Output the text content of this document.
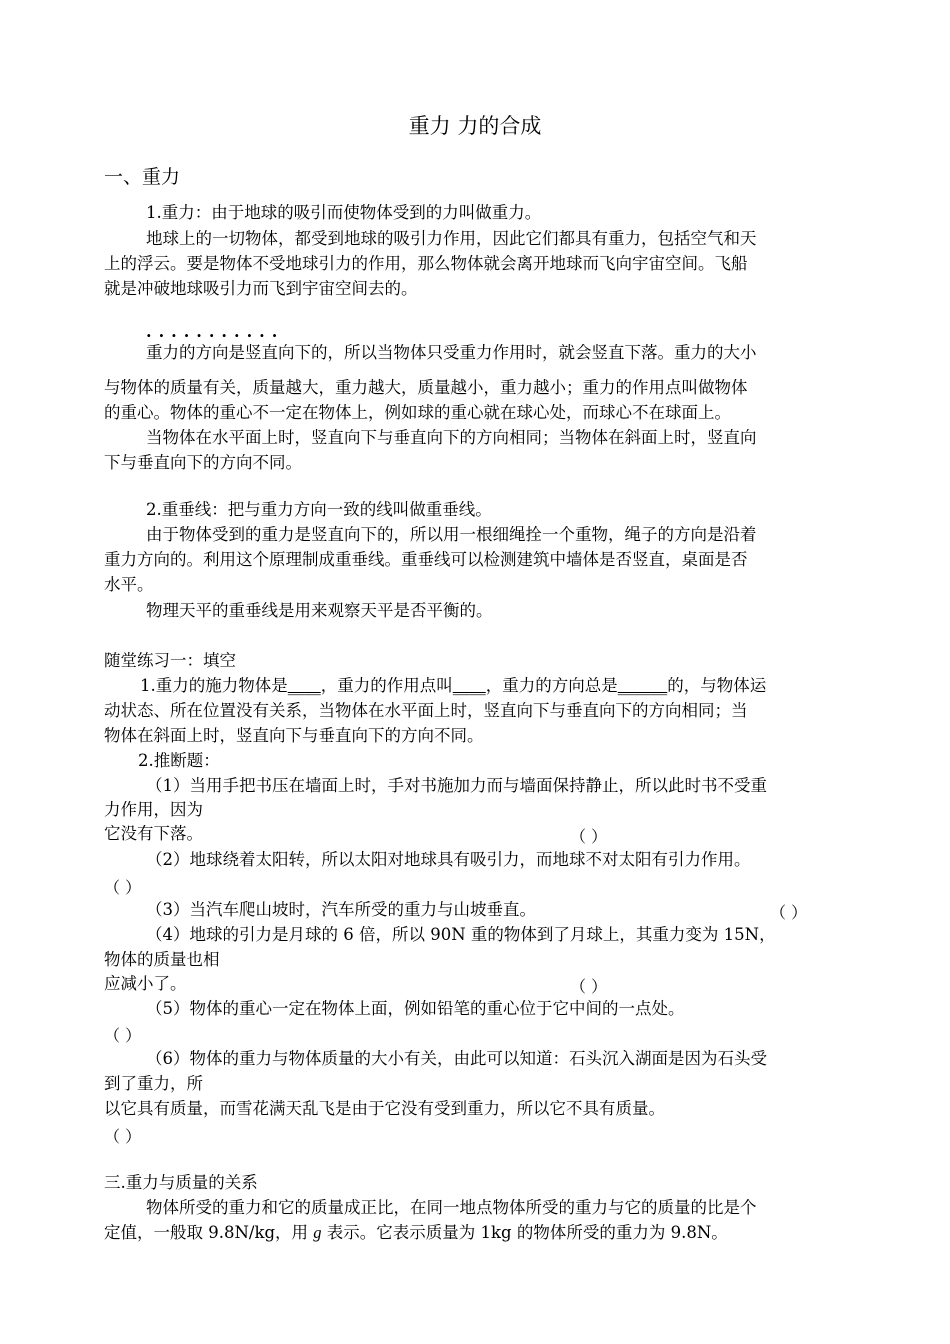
重力 力的合成
一、重力
1.重力：由于地球的吸引而使物体受到的力叫做重力。
地球上的一切物体，都受到地球的吸引力作用，因此它们都具有重力，包括空气和天
上的浮云。要是物体不受地球引力的作用，那么物体就会离开地球而飞向宇宙空间。飞船
就是冲破地球吸引力而飞到宇宙空间去的。
...........
重力的方向是竖直向下的，所以当物体只受重力作用时，就会竖直下落。重力的大小
与物体的质量有关，质量越大，重力越大，质量越小，重力越小；重力的作用点叫做物体
的重心。物体的重心不一定在物体上，例如球的重心就在球心处，而球心不在球面上。
当物体在水平面上时，竖直向下与垂直向下的方向相同；当物体在斜面上时，竖直向
下与垂直向下的方向不同。
2.重垂线：把与重力方向一致的线叫做重垂线。
由于物体受到的重力是竖直向下的，所以用一根细绳拴一个重物，绳子的方向是沿着
重力方向的。利用这个原理制成重垂线。重垂线可以检测建筑中墙体是否竖直，桌面是否
水平。
物理天平的重垂线是用来观察天平是否平衡的。
随堂练习一：填空
1.重力的施力物体是____，重力的作用点叫____，重力的方向总是______的，与物体运
动状态、所在位置没有关系，当物体在水平面上时，竖直向下与垂直向下的方向相同；当
物体在斜面上时，竖直向下与垂直向下的方向不同。
2.推断题：
（1）当用手把书压在墙面上时，手对书施加力而与墙面保持静止，所以此时书不受重
力作用，因为
它没有下落。	（ ）
（2）地球绕着太阳转，所以太阳对地球具有吸引力，而地球不对太阳有引力作用。
（ ）
（3）当汽车爬山坡时，汽车所受的重力与山坡垂直。	（ ）
（4）地球的引力是月球的 6 倍，所以 90N 重的物体到了月球上，其重力变为 15N，
物体的质量也相
应减小了。	（ ）
（5）物体的重心一定在物体上面，例如铅笔的重心位于它中间的一点处。
（ ）
（6）物体的重力与物体质量的大小有关，由此可以知道：石头沉入湖面是因为石头受
到了重力，所
以它具有质量，而雪花满天乱飞是由于它没有受到重力，所以它不具有质量。
（ ）
三.重力与质量的关系
物体所受的重力和它的质量成正比，在同一地点物体所受的重力与它的质量的比是个
定值，一般取 9.8N/kg，用 g 表示。它表示质量为 1kg 的物体所受的重力为 9.8N。
